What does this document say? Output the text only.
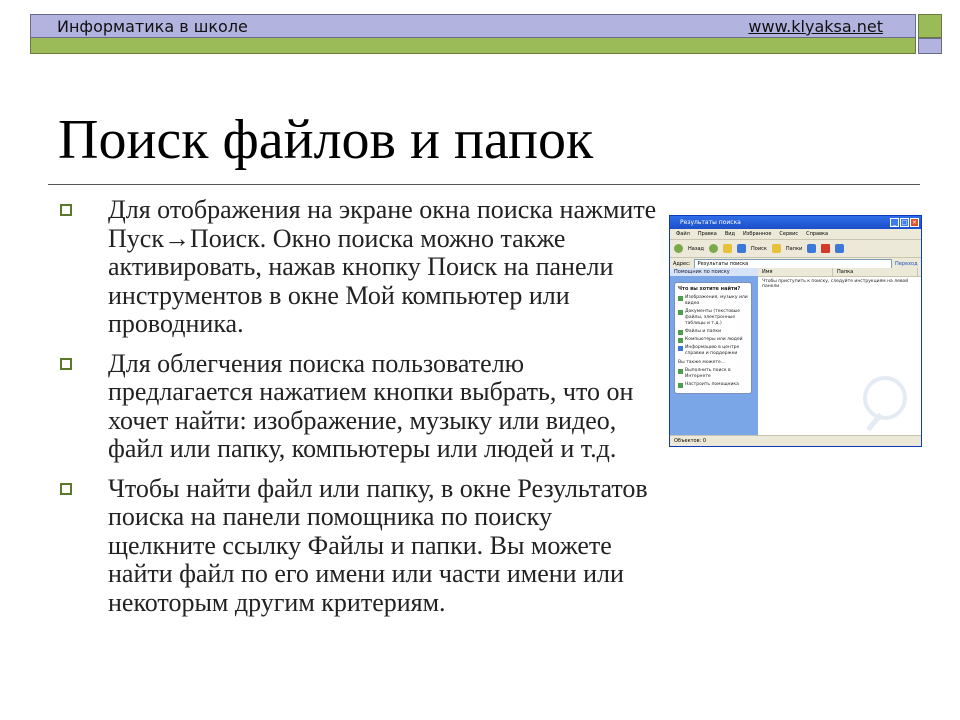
Информатика в школе	www.klyaksa.net
Поиск файлов и папок
Для отображения на экране окна поиска нажмите Пуск→Поиск. Окно поиска можно также активировать, нажав кнопку Поиск на панели инструментов в окне Мой компьютер или проводника.
Для облегчения поиска пользователю предлагается нажатием кнопки выбрать, что он хочет найти: изображение, музыку или видео, файл или папку, компьютеры или людей и т.д.
Чтобы найти файл или папку, в окне Результатов поиска на панели помощника по поиску щелкните ссылку Файлы и папки. Вы можете найти файл по его имени или части имени или некоторым другим критериям.
Результаты поиска	_ □ ×
Файл Правка Вид Избранное Сервис Справка
Назад	Поиск	Папки
Адрес:	Результаты поиска	Переход
Помощник по поиску
Что вы хотите найти?
Изображения, музыку или видео
Документы (текстовые файлы, электронные таблицы и т.д.)
Файлы и папки
Компьютеры или людей
Информацию в центре справки и поддержки
Вы также можете...
Выполнить поиск в Интернете
Настроить помощника
Имя	Папка
Чтобы приступить к поиску, следуйте инструкциям на левой панели.
Объектов: 0
